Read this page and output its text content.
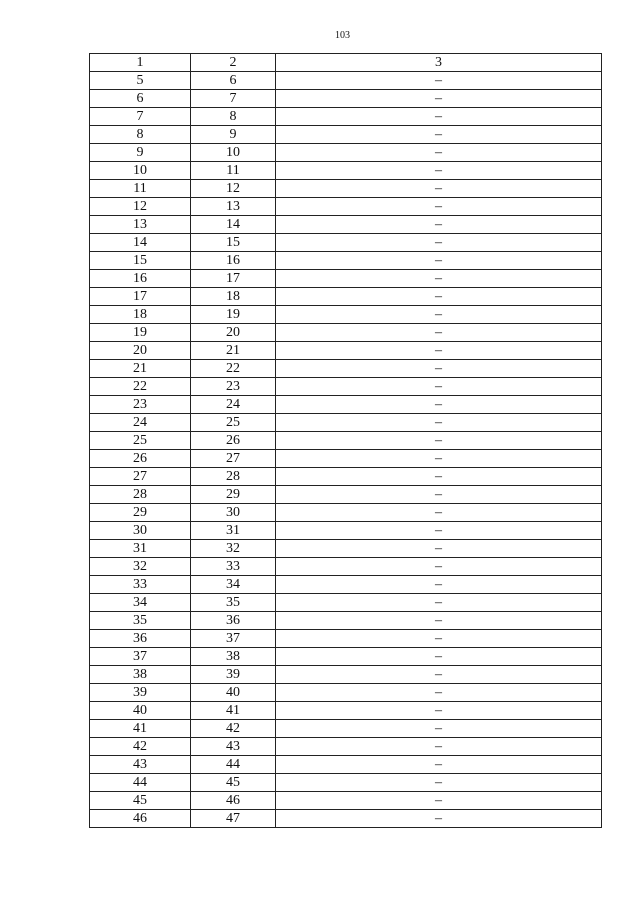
103
1	2	3
5	6	–
6	7	–
7	8	–
8	9	–
9	10	–
10	11	–
11	12	–
12	13	–
13	14	–
14	15	–
15	16	–
16	17	–
17	18	–
18	19	–
19	20	–
20	21	–
21	22	–
22	23	–
23	24	–
24	25	–
25	26	–
26	27	–
27	28	–
28	29	–
29	30	–
30	31	–
31	32	–
32	33	–
33	34	–
34	35	–
35	36	–
36	37	–
37	38	–
38	39	–
39	40	–
40	41	–
41	42	–
42	43	–
43	44	–
44	45	–
45	46	–
46	47	–
